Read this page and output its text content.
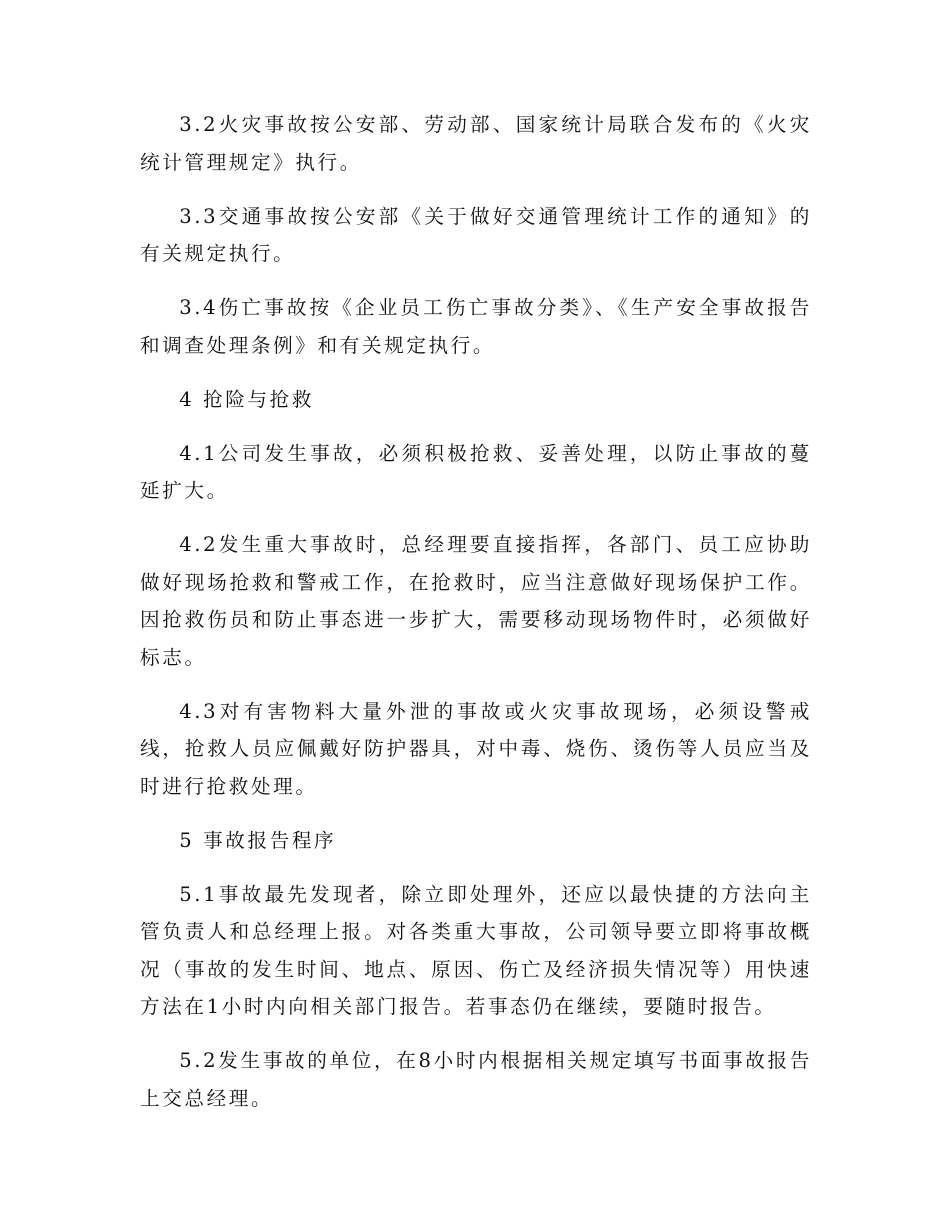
3.2火灾事故按公安部、劳动部、国家统计局联合发布的《火灾统计管理规定》执行。

3.3交通事故按公安部《关于做好交通管理统计工作的通知》的有关规定执行。

3.4伤亡事故按《企业员工伤亡事故分类》、《生产安全事故报告和调查处理条例》和有关规定执行。

4 抢险与抢救

4.1公司发生事故，必须积极抢救、妥善处理，以防止事故的蔓延扩大。

4.2发生重大事故时，总经理要直接指挥，各部门、员工应协助做好现场抢救和警戒工作，在抢救时，应当注意做好现场保护工作。因抢救伤员和防止事态进一步扩大，需要移动现场物件时，必须做好标志。

4.3对有害物料大量外泄的事故或火灾事故现场，必须设警戒线，抢救人员应佩戴好防护器具，对中毒、烧伤、烫伤等人员应当及时进行抢救处理。

5 事故报告程序

5.1事故最先发现者，除立即处理外，还应以最快捷的方法向主管负责人和总经理上报。对各类重大事故，公司领导要立即将事故概况（事故的发生时间、地点、原因、伤亡及经济损失情况等）用快速方法在1小时内向相关部门报告。若事态仍在继续，要随时报告。

5.2发生事故的单位，在8小时内根据相关规定填写书面事故报告上交总经理。
